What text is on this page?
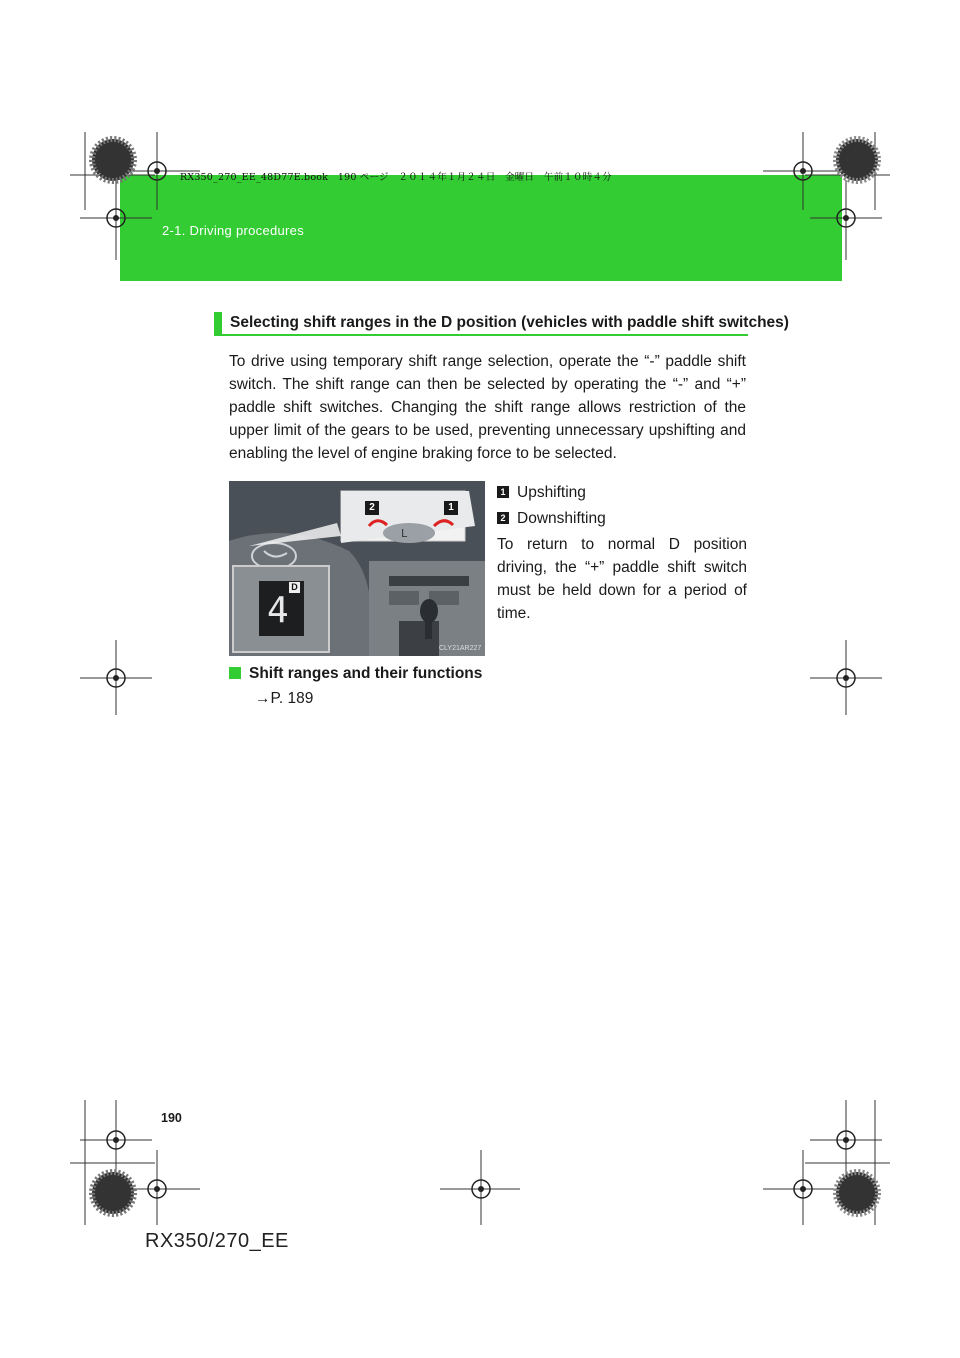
RX350_270_EE_48D77E.book　190 ページ　２０１４年１月２４日　金曜日　午前１０時４分
2-1. Driving procedures
Selecting shift ranges in the D position (vehicles with paddle shift switches)
To drive using temporary shift range selection, operate the “-” paddle shift switch. The shift range can then be selected by operating the “-” and “+” paddle shift switches. Changing the shift range allows restriction of the upper limit of the gears to be used, preventing unnecessary upshifting and enabling the level of engine braking force to be selected.
L
2	1
D
4
CLY21AR227
1 Upshifting
2 Downshifting
To return to normal D position driving, the “+” paddle shift switch must be held down for a period of time.
Shift ranges and their functions
→P. 189
190
RX350/270_EE
